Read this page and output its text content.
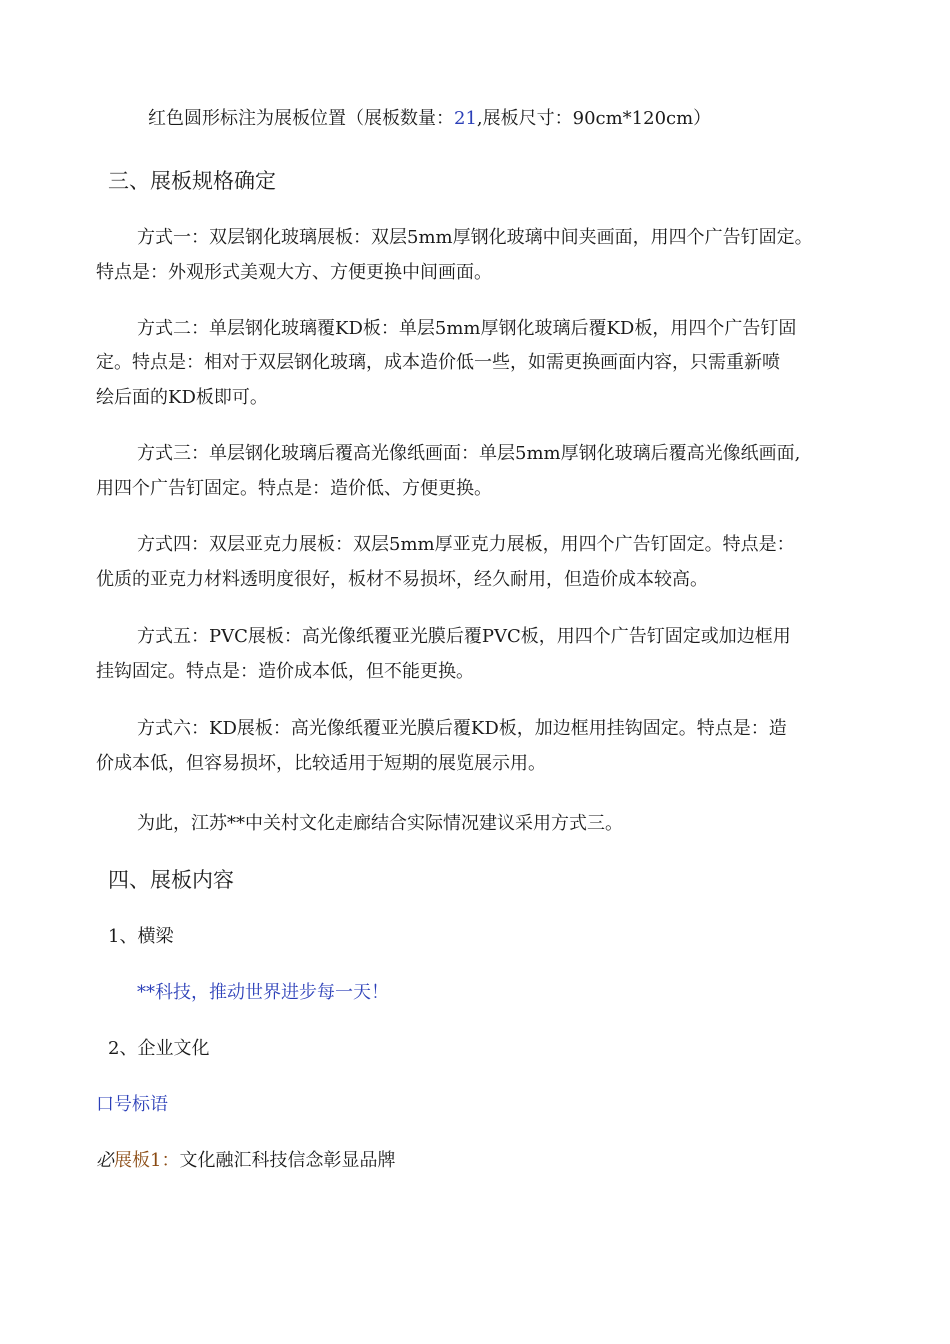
红色圆形标注为展板位置（展板数量：21,展板尺寸：90cm*120cm）
三、展板规格确定
方式一：双层钢化玻璃展板：双层5mm厚钢化玻璃中间夹画面，用四个广告钉固定。
特点是：外观形式美观大方、方便更换中间画面。
方式二：单层钢化玻璃覆KD板：单层5mm厚钢化玻璃后覆KD板，用四个广告钉固
定。特点是：相对于双层钢化玻璃，成本造价低一些，如需更换画面内容，只需重新喷
绘后面的KD板即可。
方式三：单层钢化玻璃后覆高光像纸画面：单层5mm厚钢化玻璃后覆高光像纸画面,
用四个广告钉固定。特点是：造价低、方便更换。
方式四：双层亚克力展板：双层5mm厚亚克力展板，用四个广告钉固定。特点是：
优质的亚克力材料透明度很好，板材不易损坏，经久耐用，但造价成本较高。
方式五：PVC展板：高光像纸覆亚光膜后覆PVC板，用四个广告钉固定或加边框用
挂钩固定。特点是：造价成本低，但不能更换。
方式六：KD展板：高光像纸覆亚光膜后覆KD板，加边框用挂钩固定。特点是：造
价成本低，但容易损坏，比较适用于短期的展览展示用。
为此，江苏**中关村文化走廊结合实际情况建议采用方式三。
四、展板内容
1、横梁
**科技，推动世界进步每一天！
2、企业文化
口号标语
必展板1：文化融汇科技信念彰显品牌
